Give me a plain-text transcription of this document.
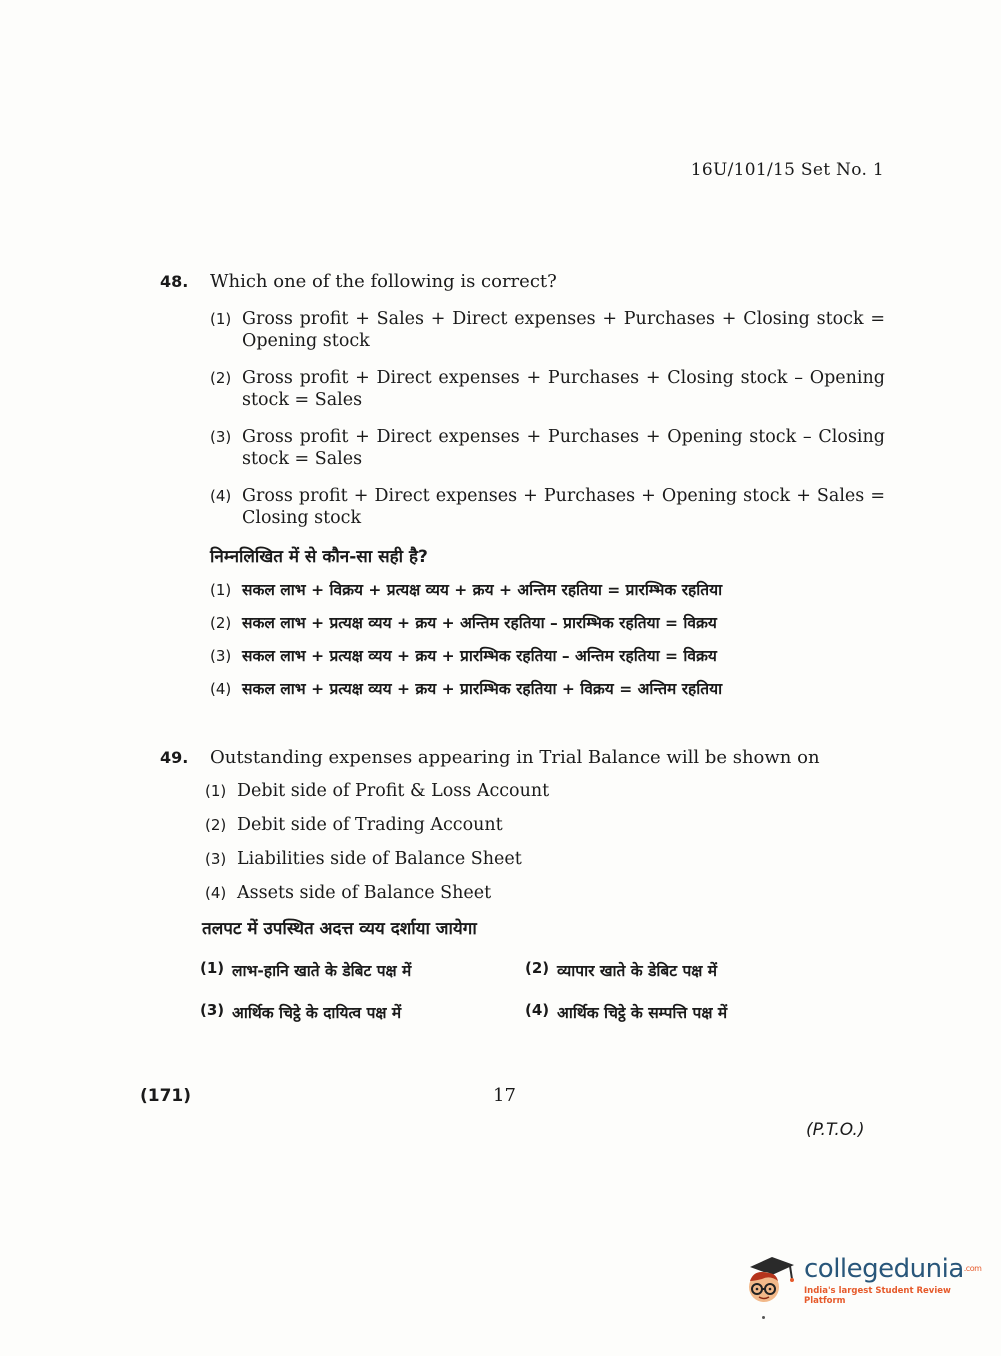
16U/101/15 Set No. 1
48.	Which one of the following is correct?
(1) Gross profit + Sales + Direct expenses + Purchases + Closing stock = Opening stock
(2) Gross profit + Direct expenses + Purchases + Closing stock – Opening stock = Sales
(3) Gross profit + Direct expenses + Purchases + Opening stock – Closing stock = Sales
(4) Gross profit + Direct expenses + Purchases + Opening stock + Sales = Closing stock
निम्नलिखित में से कौन-सा सही है?
(1) सकल लाभ + विक्रय + प्रत्यक्ष व्यय + क्रय + अन्तिम रहतिया = प्रारम्भिक रहतिया
(2) सकल लाभ + प्रत्यक्ष व्यय + क्रय + अन्तिम रहतिया – प्रारम्भिक रहतिया = विक्रय
(3) सकल लाभ + प्रत्यक्ष व्यय + क्रय + प्रारम्भिक रहतिया – अन्तिम रहतिया = विक्रय
(4) सकल लाभ + प्रत्यक्ष व्यय + क्रय + प्रारम्भिक रहतिया + विक्रय = अन्तिम रहतिया
49.	Outstanding expenses appearing in Trial Balance will be shown on
(1) Debit side of Profit & Loss Account
(2) Debit side of Trading Account
(3) Liabilities side of Balance Sheet
(4) Assets side of Balance Sheet
तलपट में उपस्थित अदत्त व्यय दर्शाया जायेगा
(1) लाभ-हानि खाते के डेबिट पक्ष में	(2) व्यापार खाते के डेबिट पक्ष में
(3) आर्थिक चिट्ठे के दायित्व पक्ष में	(4) आर्थिक चिट्ठे के सम्पत्ति पक्ष में
(171)	17
(P.T.O.)
collegedunia$^{.com}$
India's largest Student Review Platform
